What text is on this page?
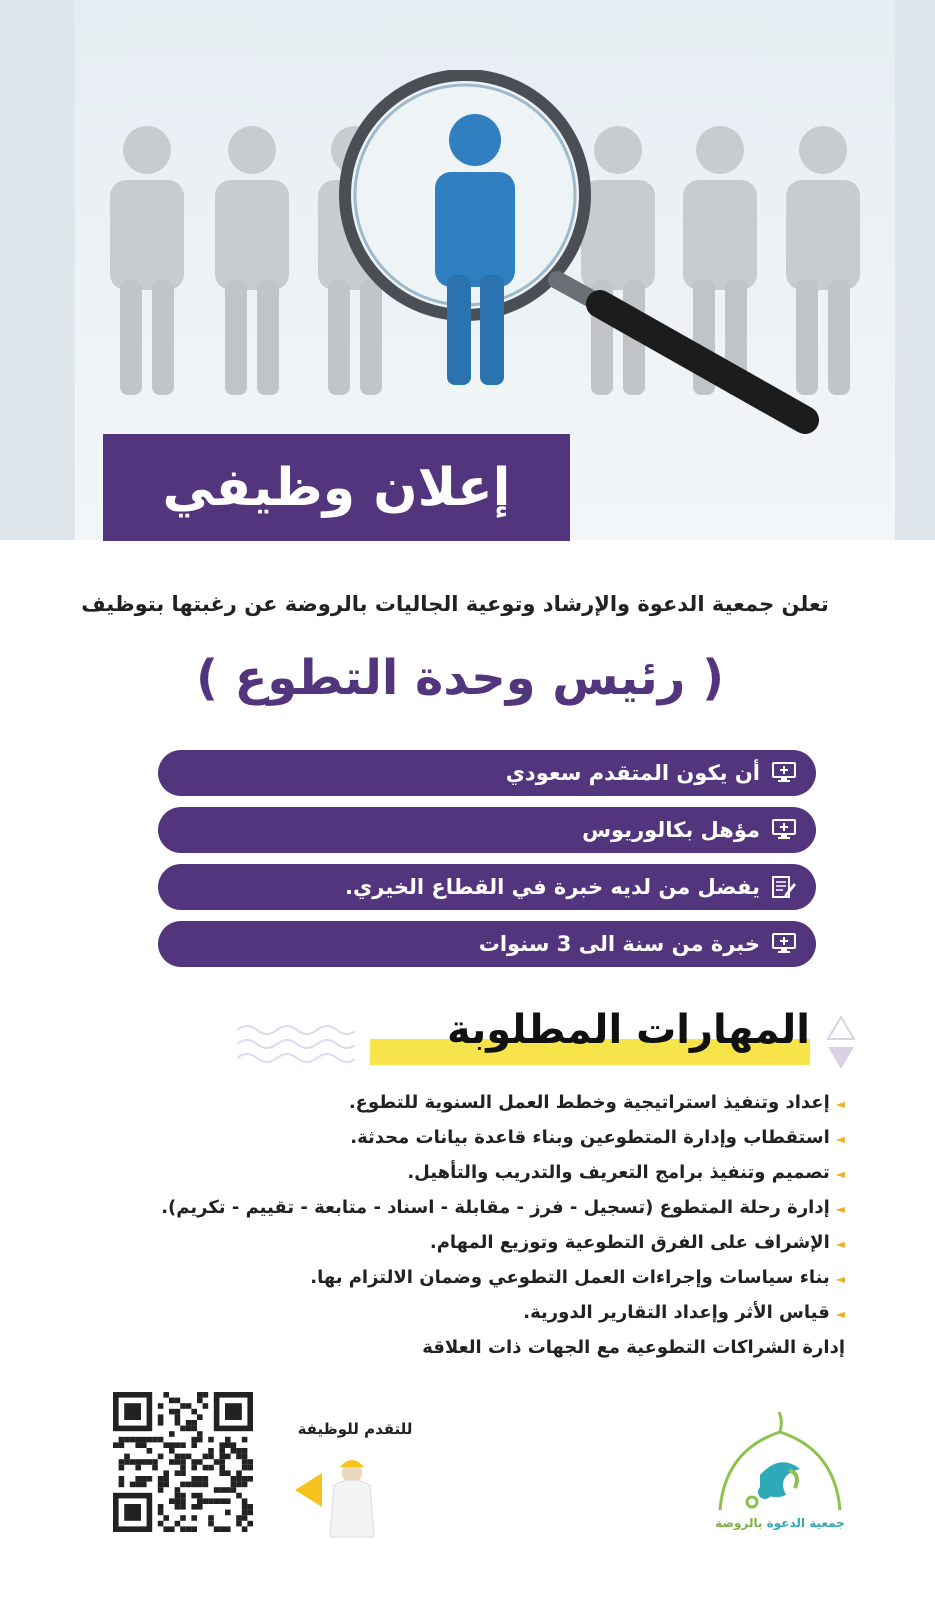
إعلان وظيفي
تعلن جمعية الدعوة والإرشاد وتوعية الجاليات بالروضة عن رغبتها بتوظيف
( رئيس وحدة التطوع )
أن يكون المتقدم سعودي
مؤهل بكالوريوس
يفضل من لديه خبرة في القطاع الخيري.
خبرة من سنة الى 3 سنوات
المهارات المطلوبة
◄إعداد وتنفيذ استراتيجية وخطط العمل السنوية للتطوع.
◄استقطاب وإدارة المتطوعين وبناء قاعدة بيانات محدثة.
◄تصميم وتنفيذ برامج التعريف والتدريب والتأهيل.
◄إدارة رحلة المتطوع (تسجيل - فرز - مقابلة - اسناد - متابعة - تقييم - تكريم).
◄الإشراف على الفرق التطوعية وتوزيع المهام.
◄بناء سياسات وإجراءات العمل التطوعي وضمان الالتزام بها.
◄قياس الأثر وإعداد التقارير الدورية.
إدارة الشراكات التطوعية مع الجهات ذات العلاقة
للتقدم للوظيفة
جمعية الدعوة بالروضة
